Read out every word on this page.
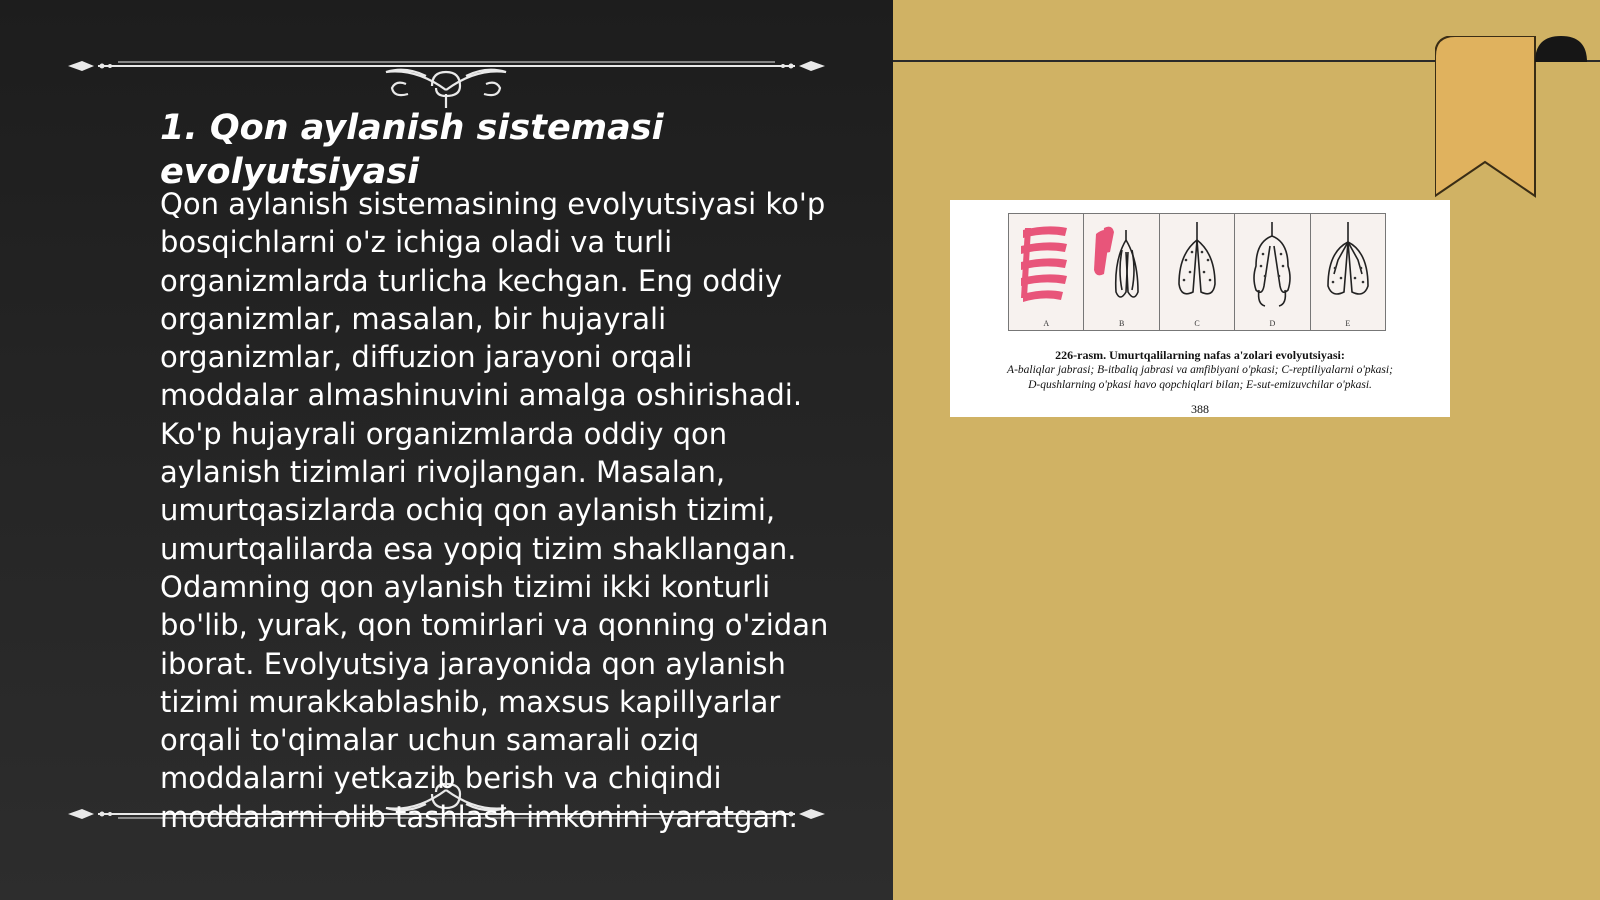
1. Qon aylanish sistemasi evolyutsiyasi

Qon aylanish sistemasining evolyutsiyasi ko'p bosqichlarni o'z ichiga oladi va turli organizmlarda turlicha kechgan. Eng oddiy organizmlar, masalan, bir hujayrali organizmlar, diffuzion jarayoni orqali moddalar almashinuvini amalga oshirishadi. Ko'p hujayrali organizmlarda oddiy qon aylanish tizimlari rivojlangan. Masalan, umurtqasizlarda ochiq qon aylanish tizimi, umurtqalilarda esa yopiq tizim shakllangan. Odamning qon aylanish tizimi ikki konturli bo'lib, yurak, qon tomirlari va qonning o'zidan iborat. Evolyutsiya jarayonida qon aylanish tizimi murakkablashib, maxsus kapillyarlar orqali to'qimalar uchun samarali oziq moddalarni yetkazib berish va chiqindi moddalarni olib tashlash imkonini yaratgan.

A	B	C	D	E
226-rasm. Umurtqalilarning nafas a'zolari evolyutsiyasi:
A-baliqlar jabrasi; B-itbaliq jabrasi va amfibiyani o'pkasi; C-reptiliyalarni o'pkasi;
D-qushlarning o'pkasi havo qopchiqlari bilan; E-sut-emizuvchilar o'pkasi.
388
